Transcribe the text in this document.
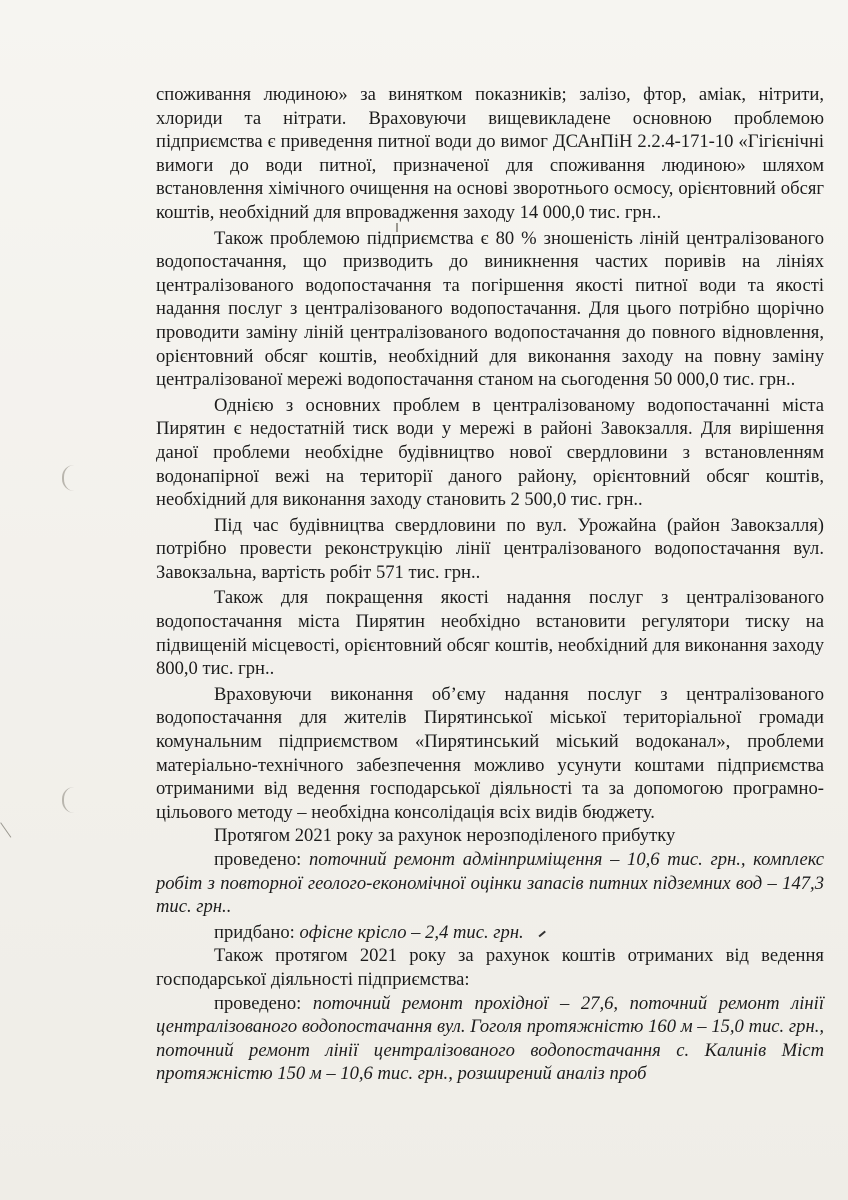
споживання людиною» за винятком показників; залізо, фтор, аміак, нітрити, хлориди та нітрати. Враховуючи вищевикладене основною проблемою підприємства є приведення питної води до вимог ДСАнПіН 2.2.4-171-10 «Гігієнічні вимоги до води питної, призначеної для споживання людиною» шляхом встановлення хімічного очищення на основі зворотнього осмосу, орієнтовний обсяг коштів, необхідний для впровадження заходу 14 000,0 тис. грн..

Також проблемою підприємства є 80 % зношеність ліній централізованого водопостачання, що призводить до виникнення частих поривів на лініях централізованого водопостачання та погіршення якості питної води та якості надання послуг з централізованого водопостачання. Для цього потрібно щорічно проводити заміну ліній централізованого водопостачання до повного відновлення, орієнтовний обсяг коштів, необхідний для виконання заходу на повну заміну централізованої мережі водопостачання станом на сьогодення 50 000,0 тис. грн..

Однією з основних проблем в централізованому водопостачанні міста Пирятин є недостатній тиск води у мережі в районі Завокзалля. Для вирішення даної проблеми необхідне будівництво нової свердловини з встановленням водонапірної вежі на території даного району, орієнтовний обсяг коштів, необхідний для виконання заходу становить 2 500,0 тис. грн..

Під час будівництва свердловини по вул. Урожайна (район Завокзалля) потрібно провести реконструкцію лінії централізованого водопостачання вул. Завокзальна, вартість робіт 571 тис. грн..

Також для покращення якості надання послуг з централізованого водопостачання міста Пирятин необхідно встановити регулятори тиску на підвищеній місцевості, орієнтовний обсяг коштів, необхідний для виконання заходу 800,0 тис. грн..

Враховуючи виконання об’єму надання послуг з централізованого водопостачання для жителів Пирятинської міської територіальної громади комунальним підприємством «Пирятинський міський водоканал», проблеми матеріально-технічного забезпечення можливо усунути коштами підприємства отриманими від ведення господарської діяльності та за допомогою програмно-цільового методу – необхідна консолідація всіх видів бюджету.

Протягом 2021 року за рахунок нерозподіленого прибутку

проведено: поточний ремонт адмінприміщення – 10,6 тис. грн., комплекс робіт з повторної геолого-економічної оцінки запасів питних підземних вод – 147,3 тис. грн..

придбано: офісне крісло – 2,4 тис. грн.

Також протягом 2021 року за рахунок коштів отриманих від ведення господарської діяльності підприємства:

проведено: поточний ремонт прохідної – 27,6, поточний ремонт лінії централізованого водопостачання вул. Гоголя протяжністю 160 м – 15,0 тис. грн., поточний ремонт лінії централізованого водопостачання с. Калинів Міст протяжністю 150 м – 10,6 тис. грн., розширений аналіз проб
